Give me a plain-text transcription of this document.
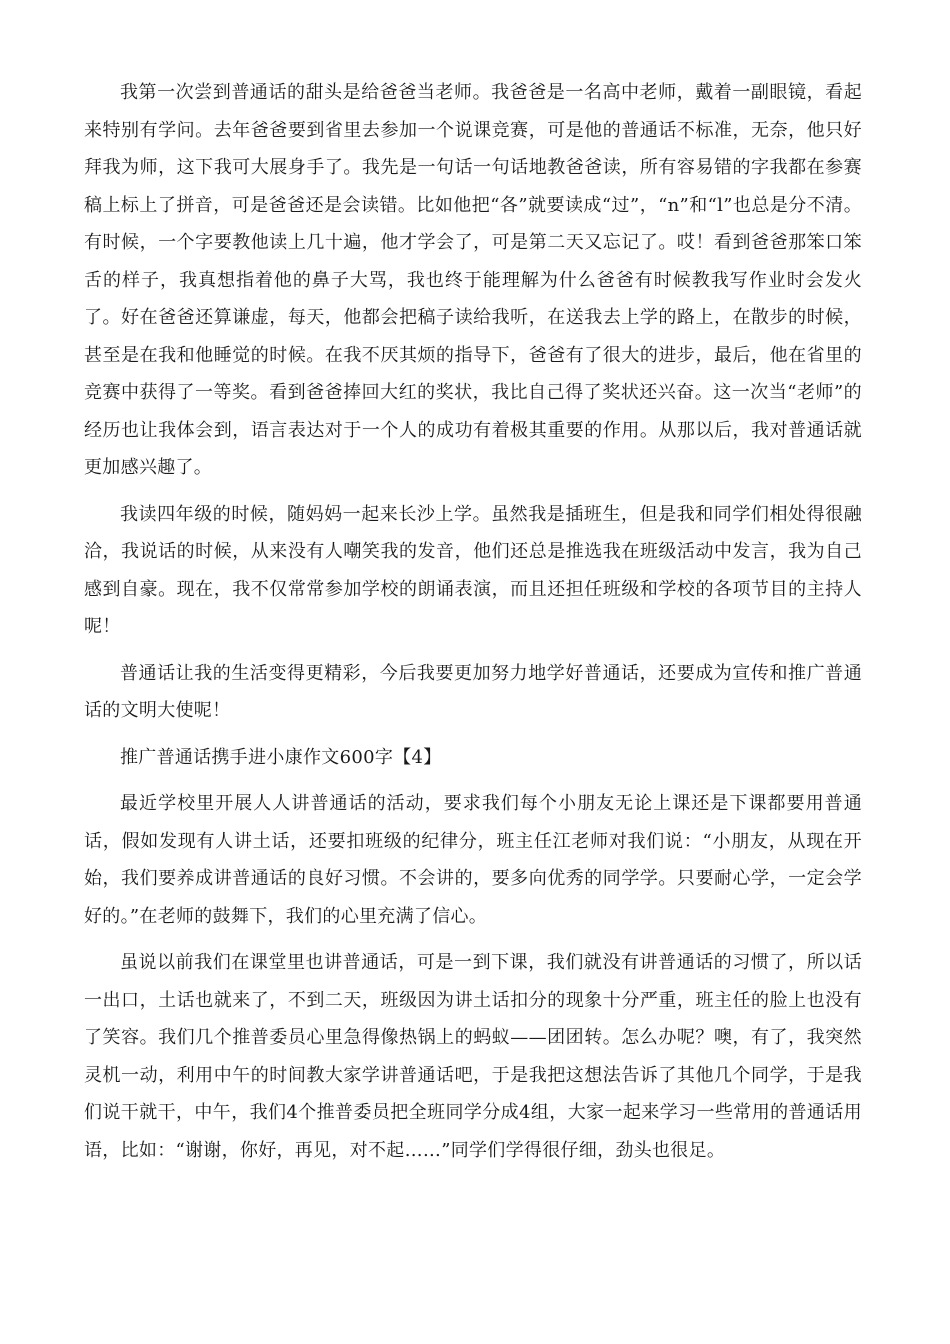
我第一次尝到普通话的甜头是给爸爸当老师。我爸爸是一名高中老师，戴着一副眼镜，看起来特别有学问。去年爸爸要到省里去参加一个说课竞赛，可是他的普通话不标准，无奈，他只好拜我为师，这下我可大展身手了。我先是一句话一句话地教爸爸读，所有容易错的字我都在参赛稿上标上了拼音，可是爸爸还是会读错。比如他把“各”就要读成“过”，“n”和“l”也总是分不清。有时候，一个字要教他读上几十遍，他才学会了，可是第二天又忘记了。哎！看到爸爸那笨口笨舌的样子，我真想指着他的鼻子大骂，我也终于能理解为什么爸爸有时候教我写作业时会发火了。好在爸爸还算谦虚，每天，他都会把稿子读给我听，在送我去上学的路上，在散步的时候，甚至是在我和他睡觉的时候。在我不厌其烦的指导下，爸爸有了很大的进步，最后，他在省里的竞赛中获得了一等奖。看到爸爸捧回大红的奖状，我比自己得了奖状还兴奋。这一次当“老师”的经历也让我体会到，语言表达对于一个人的成功有着极其重要的作用。从那以后，我对普通话就更加感兴趣了。

我读四年级的时候，随妈妈一起来长沙上学。虽然我是插班生，但是我和同学们相处得很融洽，我说话的时候，从来没有人嘲笑我的发音，他们还总是推选我在班级活动中发言，我为自己感到自豪。现在，我不仅常常参加学校的朗诵表演，而且还担任班级和学校的各项节目的主持人呢！

普通话让我的生活变得更精彩，今后我要更加努力地学好普通话，还要成为宣传和推广普通话的文明大使呢！

推广普通话携手进小康作文600字【4】

最近学校里开展人人讲普通话的活动，要求我们每个小朋友无论上课还是下课都要用普通话，假如发现有人讲土话，还要扣班级的纪律分，班主任江老师对我们说：“小朋友，从现在开始，我们要养成讲普通话的良好习惯。不会讲的，要多向优秀的同学学。只要耐心学，一定会学好的。”在老师的鼓舞下，我们的心里充满了信心。

虽说以前我们在课堂里也讲普通话，可是一到下课，我们就没有讲普通话的习惯了，所以话一出口，土话也就来了，不到二天，班级因为讲土话扣分的现象十分严重，班主任的脸上也没有了笑容。我们几个推普委员心里急得像热锅上的蚂蚁——团团转。怎么办呢？噢，有了，我突然灵机一动，利用中午的时间教大家学讲普通话吧，于是我把这想法告诉了其他几个同学，于是我们说干就干，中午，我们4个推普委员把全班同学分成4组，大家一起来学习一些常用的普通话用语，比如：“谢谢，你好，再见，对不起……”同学们学得很仔细，劲头也很足。
